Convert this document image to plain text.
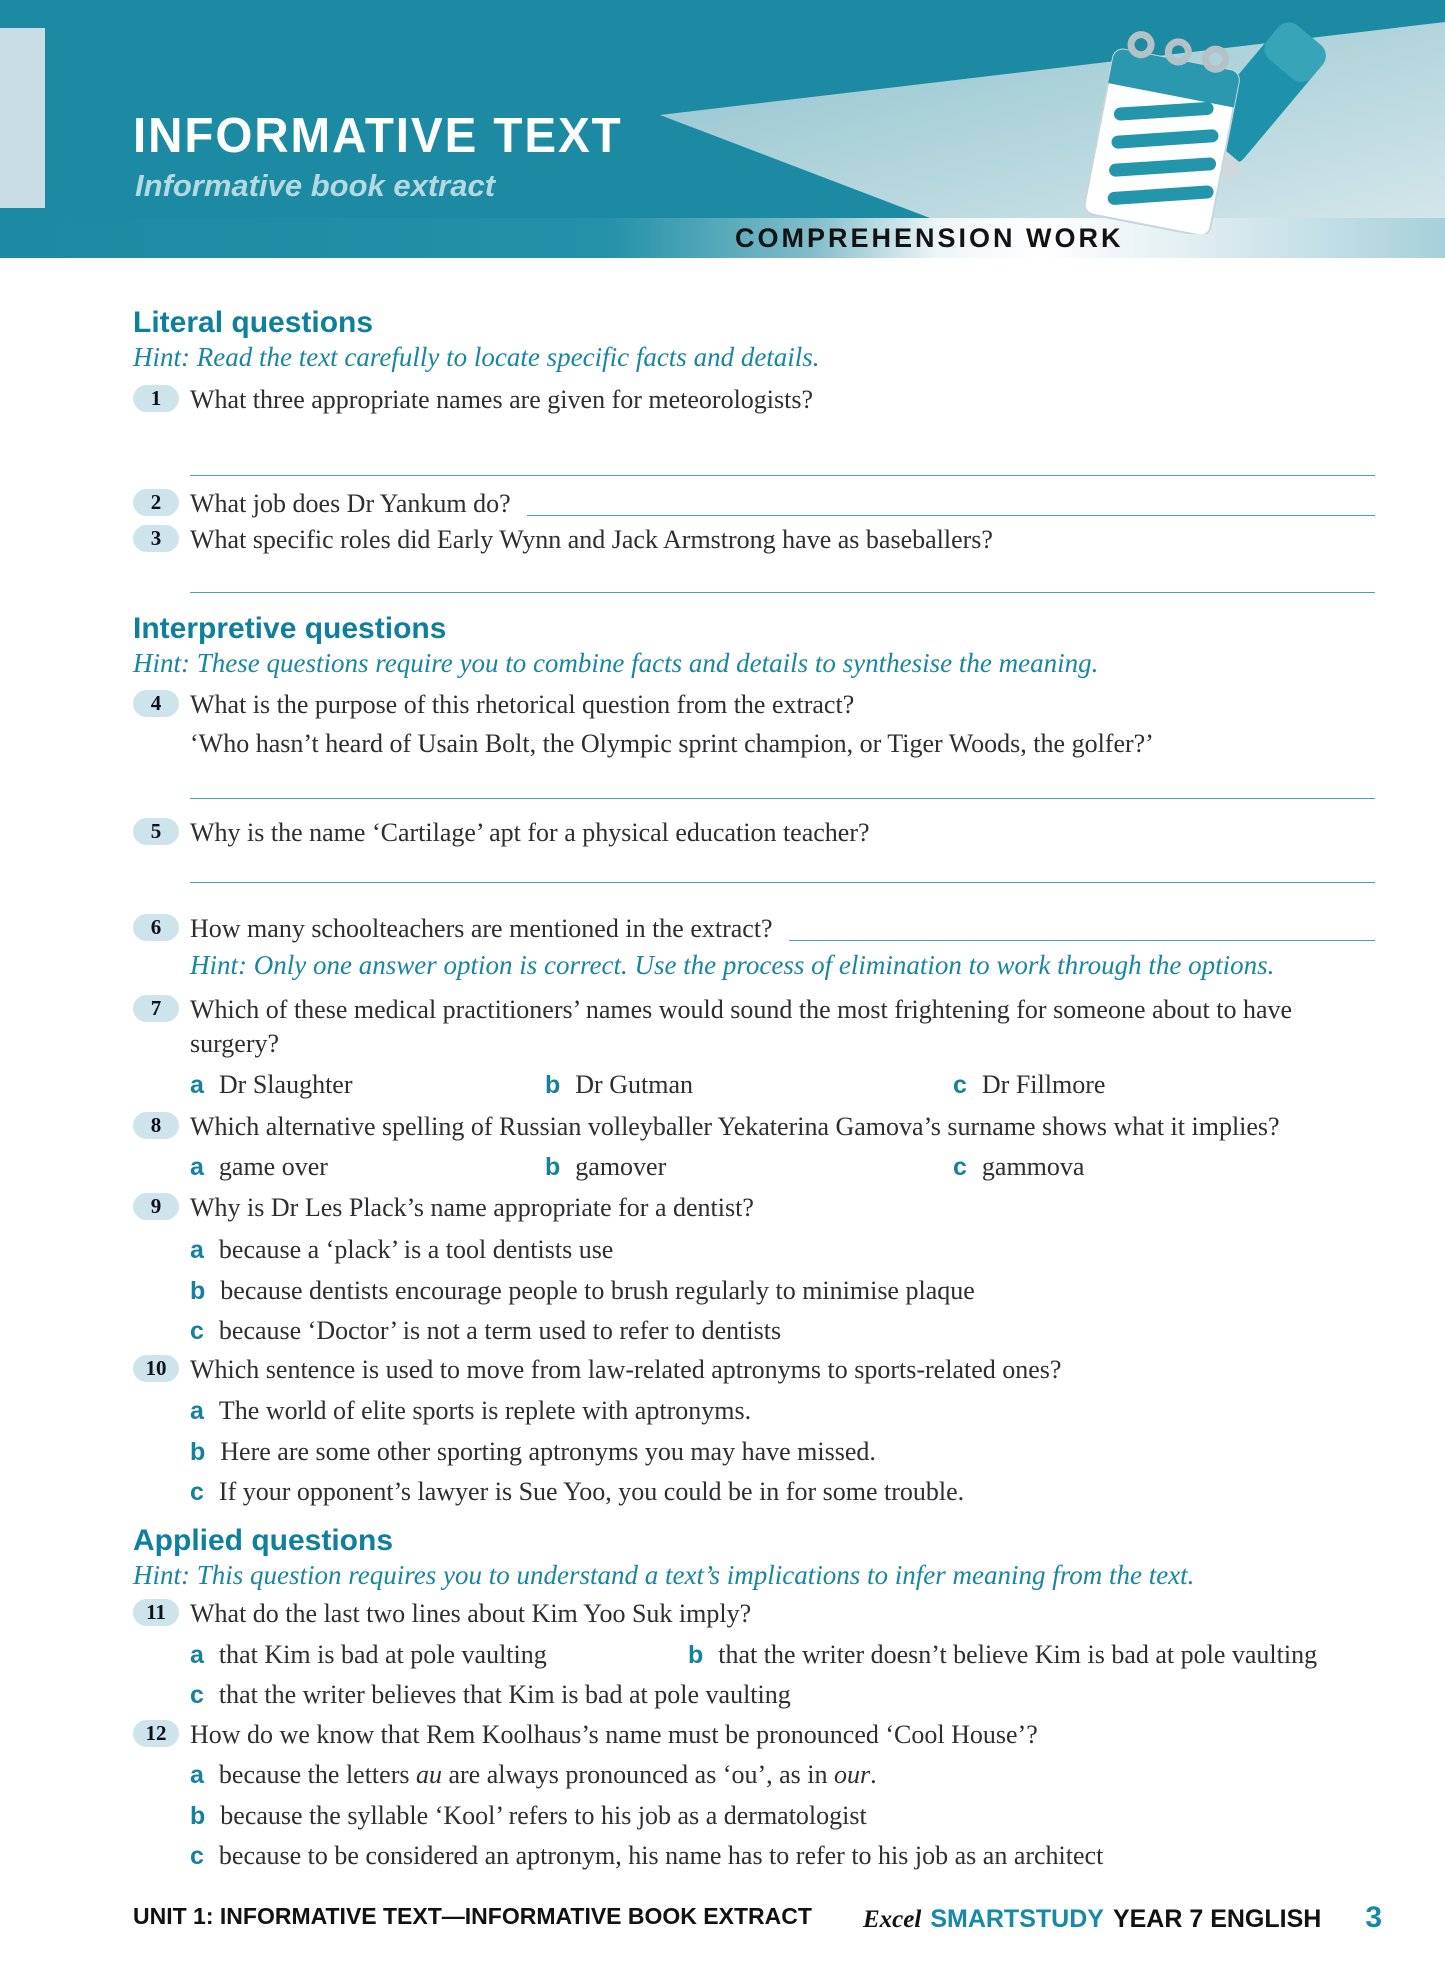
INFORMATIVE TEXT
Informative book extract
COMPREHENSION WORK
Literal questions
Hint: Read the text carefully to locate specific facts and details.
1	What three appropriate names are given for meteorologists?
2	What job does Dr Yankum do?
3	What specific roles did Early Wynn and Jack Armstrong have as baseballers?
Interpretive questions
Hint: These questions require you to combine facts and details to synthesise the meaning.
4	What is the purpose of this rhetorical question from the extract?
‘Who hasn’t heard of Usain Bolt, the Olympic sprint champion, or Tiger Woods, the golfer?’
5	Why is the name ‘Cartilage’ apt for a physical education teacher?
6	How many schoolteachers are mentioned in the extract?
Hint: Only one answer option is correct. Use the process of elimination to work through the options.
7	Which of these medical practitioners’ names would sound the most frightening for someone about to have surgery?
a Dr Slaughter	b Dr Gutman	c Dr Fillmore
8	Which alternative spelling of Russian volleyballer Yekaterina Gamova’s surname shows what it implies?
a game over	b gamover	c gammova
9	Why is Dr Les Plack’s name appropriate for a dentist?
a because a ‘plack’ is a tool dentists use
b because dentists encourage people to brush regularly to minimise plaque
c because ‘Doctor’ is not a term used to refer to dentists
10 Which sentence is used to move from law-related aptronyms to sports-related ones?
a The world of elite sports is replete with aptronyms.
b Here are some other sporting aptronyms you may have missed.
c If your opponent’s lawyer is Sue Yoo, you could be in for some trouble.
Applied questions
Hint: This question requires you to understand a text’s implications to infer meaning from the text.
11 What do the last two lines about Kim Yoo Suk imply?
a that Kim is bad at pole vaulting	b that the writer doesn’t believe Kim is bad at pole vaulting
c that the writer believes that Kim is bad at pole vaulting
12 How do we know that Rem Koolhaus’s name must be pronounced ‘Cool House’?
a because the letters au are always pronounced as ‘ou’, as in our.
b because the syllable ‘Kool’ refers to his job as a dermatologist
c because to be considered an aptronym, his name has to refer to his job as an architect
UNIT 1: INFORMATIVE TEXT—INFORMATIVE BOOK EXTRACT Excel SMARTSTUDY YEAR 7 ENGLISH 3
